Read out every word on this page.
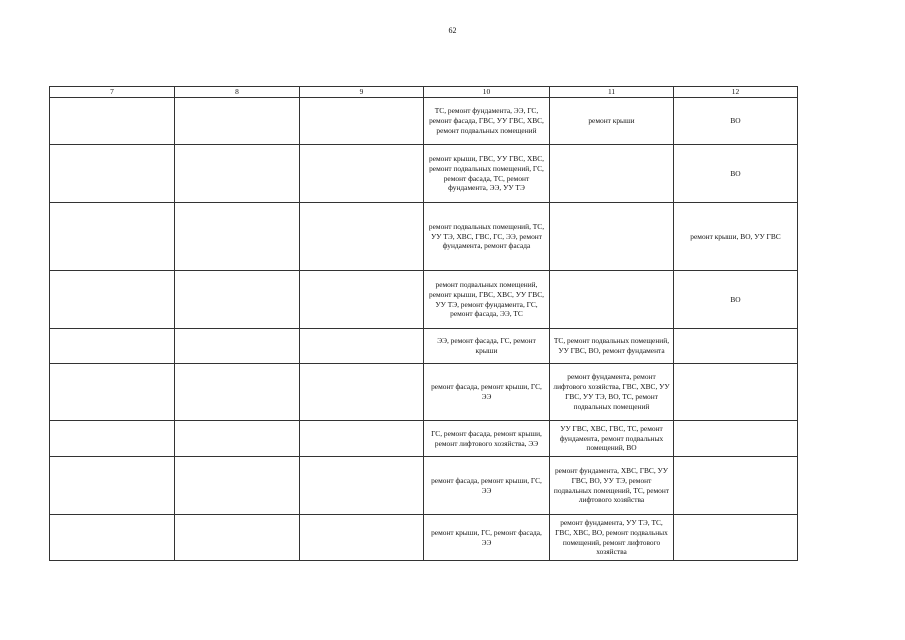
62
7	8	9	10	11	12
			ТС, ремонт фундамента, ЭЭ, ГС, ремонт фасада, ГВС, УУ ГВС, ХВС, ремонт подвальных помещений	ремонт крыши	ВО
			ремонт крыши, ГВС, УУ ГВС, ХВС, ремонт подвальных помещений, ГС, ремонт фасада, ТС, ремонт фундамента, ЭЭ, УУ ТЭ		ВО
			ремонт подвальных помещений, ТС, УУ ТЭ, ХВС, ГВС, ГС, ЭЭ, ремонт фундамента, ремонт фасада		ремонт крыши, ВО, УУ ГВС
			ремонт подвальных помещений, ремонт крыши, ГВС, ХВС, УУ ГВС, УУ ТЭ, ремонт фундамента, ГС, ремонт фасада, ЭЭ, ТС		ВО
			ЭЭ, ремонт фасада, ГС, ремонт крыши	ТС, ремонт подвальных помещений, УУ ГВС, ВО, ремонт фундамента	
			ремонт фасада, ремонт крыши, ГС, ЭЭ	ремонт фундамента, ремонт лифтового хозяйства, ГВС, ХВС, УУ ГВС, УУ ТЭ, ВО, ТС, ремонт подвальных помещений	
			ГС, ремонт фасада, ремонт крыши, ремонт лифтового хозяйства, ЭЭ	УУ ГВС, ХВС, ГВС, ТС, ремонт фундамента, ремонт подвальных помещений, ВО	
			ремонт фасада, ремонт крыши, ГС, ЭЭ	ремонт фундамента, ХВС, ГВС, УУ ГВС, ВО, УУ ТЭ, ремонт подвальных помещений, ТС, ремонт лифтового хозяйства	
			ремонт крыши, ГС, ремонт фасада, ЭЭ	ремонт фундамента, УУ ТЭ, ТС, ГВС, ХВС, ВО, ремонт подвальных помещений, ремонт лифтового хозяйства	
